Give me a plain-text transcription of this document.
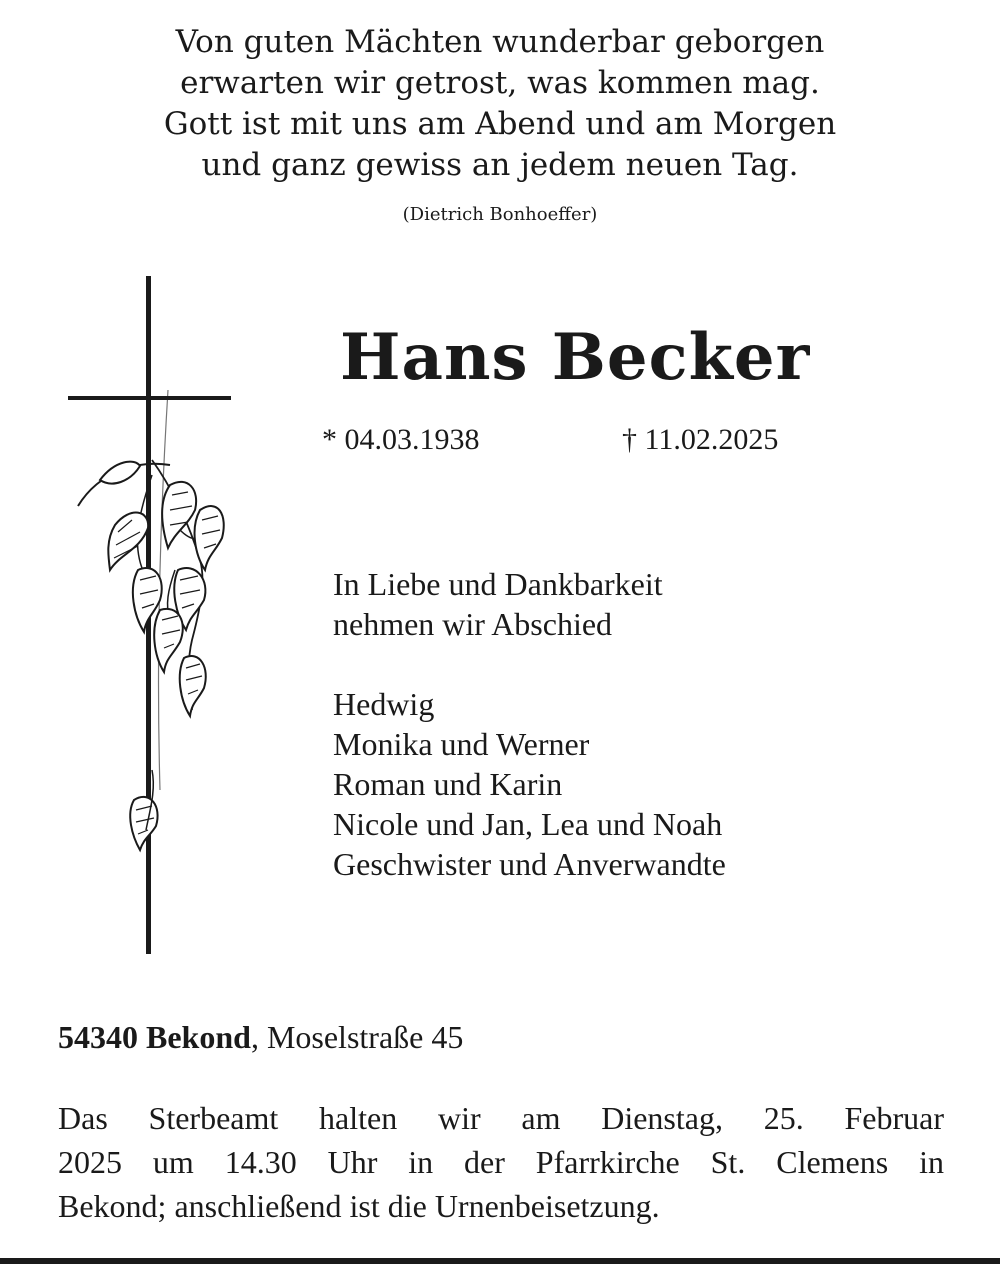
Von guten Mächten wunderbar geborgen
erwarten wir getrost, was kommen mag.
Gott ist mit uns am Abend und am Morgen
und ganz gewiss an jedem neuen Tag.
(Dietrich Bonhoeffer)
Hans Becker
* 04.03.1938	† 11.02.2025
In Liebe und Dankbarkeit
nehmen wir Abschied
Hedwig
Monika und Werner
Roman und Karin
Nicole und Jan, Lea und Noah
Geschwister und Anverwandte
54340 Bekond, Moselstraße 45
Das Sterbeamt halten wir am Dienstag, 25. Februar
2025 um 14.30 Uhr in der Pfarrkirche St. Clemens in
Bekond; anschließend ist die Urnenbeisetzung.
